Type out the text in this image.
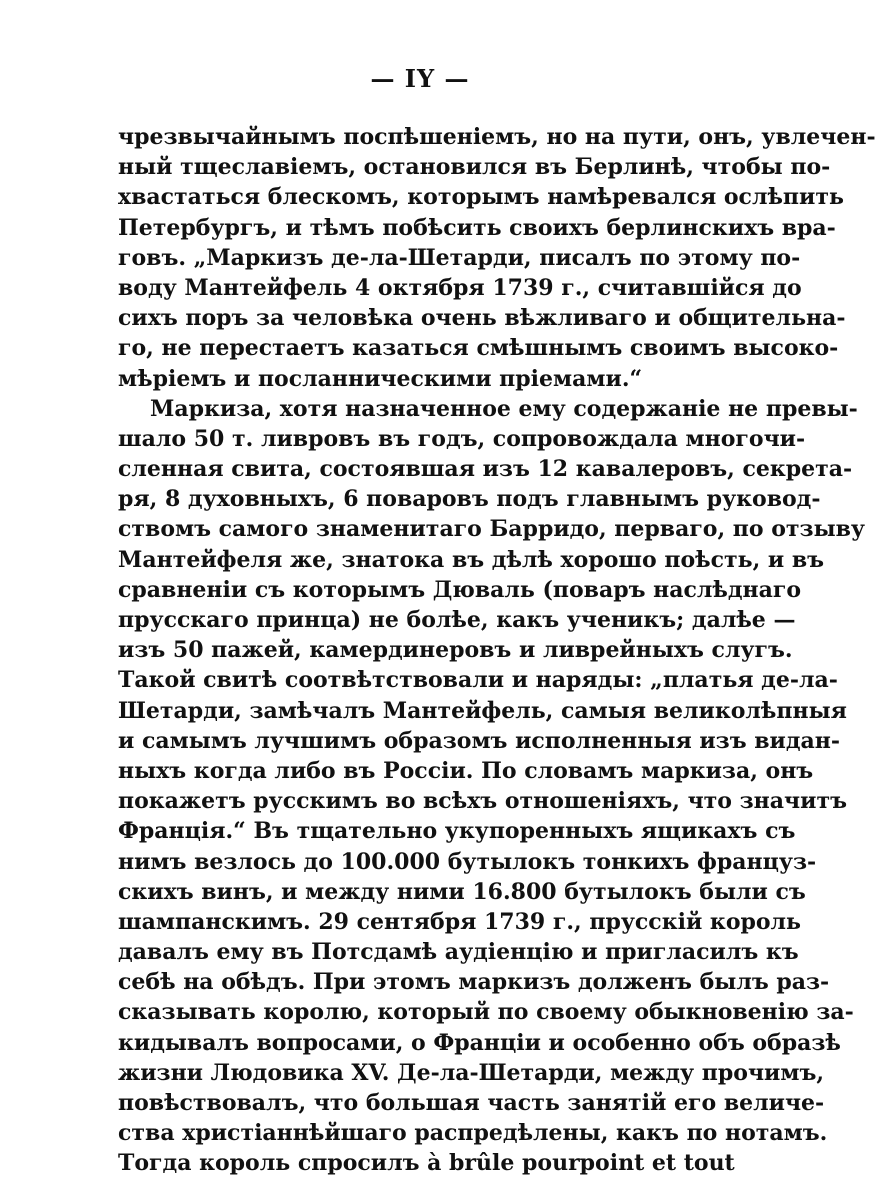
— IY —
чрезвычайнымъ поспѣшеніемъ, но на пути, онъ, увлечен-
ный тщеславіемъ, остановился въ Берлинѣ, чтобы по-
хвастаться блескомъ, которымъ намѣревался ослѣпить
Петербургъ, и тѣмъ побѣсить своихъ берлинскихъ вра-
говъ. „Маркизъ де-ла-Шетарди, писалъ по этому по-
воду Мантейфель 4 октября 1739 г., считавшійся до
сихъ поръ за человѣка очень вѣжливаго и общительна-
го, не перестаетъ казаться смѣшнымъ своимъ высоко-
мѣріемъ и посланническими пріемами.“
Маркиза, хотя назначенное ему содержаніе не превы-
шало 50 т. ливровъ въ годъ, сопровождала многочи-
сленная свита, состоявшая изъ 12 кавалеровъ, секрета-
ря, 8 духовныхъ, 6 поваровъ подъ главнымъ руковод-
ствомъ самого знаменитаго Барридо, перваго, по отзыву
Мантейфеля же, знатока въ дѣлѣ хорошо поѣсть, и въ
сравненіи съ которымъ Дюваль (поваръ наслѣднаго
прусскаго принца) не болѣе, какъ ученикъ; далѣе —
изъ 50 пажей, камердинеровъ и ливрейныхъ слугъ.
Такой свитѣ соотвѣтствовали и наряды: „платья де-ла-
Шетарди, замѣчалъ Мантейфель, самыя великолѣпныя
и самымъ лучшимъ образомъ исполненныя изъ видан-
ныхъ когда либо въ Россіи. По словамъ маркиза, онъ
покажетъ русскимъ во всѣхъ отношеніяхъ, что значитъ
Франція.“ Въ тщательно укупоренныхъ ящикахъ съ
нимъ везлось до 100.000 бутылокъ тонкихъ француз-
скихъ винъ, и между ними 16.800 бутылокъ были съ
шампанскимъ. 29 сентября 1739 г., прусскій король
давалъ ему въ Потсдамѣ аудіенцію и пригласилъ къ
себѣ на обѣдъ. При этомъ маркизъ долженъ былъ раз-
сказывать королю, который по своему обыкновенію за-
кидывалъ вопросами, о Франціи и особенно объ образѣ
жизни Людовика XV. Де-ла-Шетарди, между прочимъ,
повѣствовалъ, что большая часть занятій его величе-
ства христіаннѣйшаго распредѣлены, какъ по нотамъ.
Тогда король спросилъ à brûle pourpoint et tout
